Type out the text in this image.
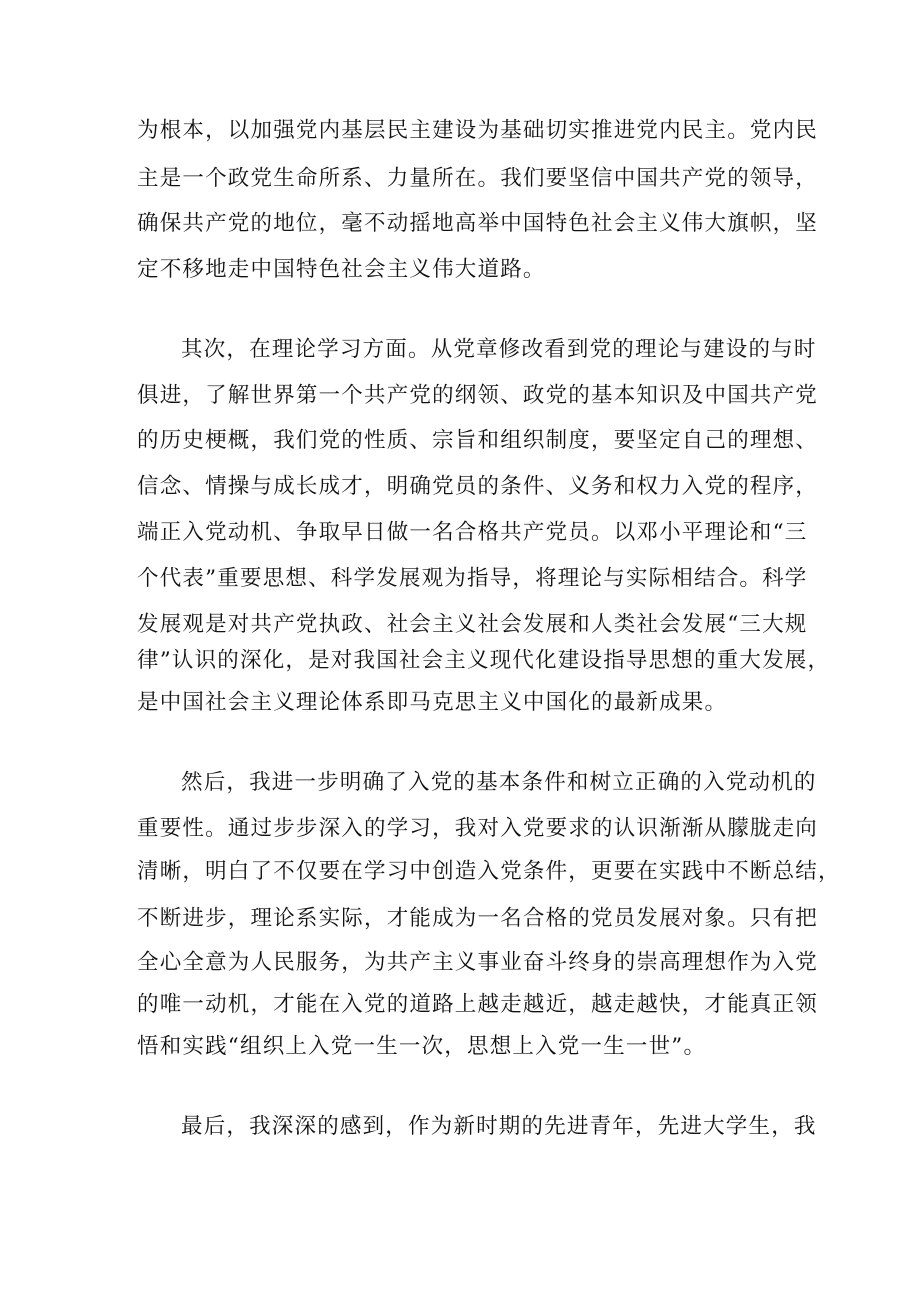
为根本，以加强党内基层民主建设为基础切实推进党内民主。党内民
主是一个政党生命所系、力量所在。我们要坚信中国共产党的领导，
确保共产党的地位，毫不动摇地高举中国特色社会主义伟大旗帜，坚
定不移地走中国特色社会主义伟大道路。
其次，在理论学习方面。从党章修改看到党的理论与建设的与时
俱进，了解世界第一个共产党的纲领、政党的基本知识及中国共产党
的历史梗概，我们党的性质、宗旨和组织制度，要坚定自己的理想、
信念、情操与成长成才，明确党员的条件、义务和权力入党的程序，
端正入党动机、争取早日做一名合格共产党员。以邓小平理论和“三
个代表”重要思想、科学发展观为指导，将理论与实际相结合。科学
发展观是对共产党执政、社会主义社会发展和人类社会发展“三大规
律”认识的深化，是对我国社会主义现代化建设指导思想的重大发展，
是中国社会主义理论体系即马克思主义中国化的最新成果。
然后，我进一步明确了入党的基本条件和树立正确的入党动机的
重要性。通过步步深入的学习，我对入党要求的认识渐渐从朦胧走向
清晰，明白了不仅要在学习中创造入党条件，更要在实践中不断总结，
不断进步，理论系实际，才能成为一名合格的党员发展对象。只有把
全心全意为人民服务，为共产主义事业奋斗终身的崇高理想作为入党
的唯一动机，才能在入党的道路上越走越近，越走越快，才能真正领
悟和实践“组织上入党一生一次，思想上入党一生一世”。
最后，我深深的感到，作为新时期的先进青年，先进大学生，我
